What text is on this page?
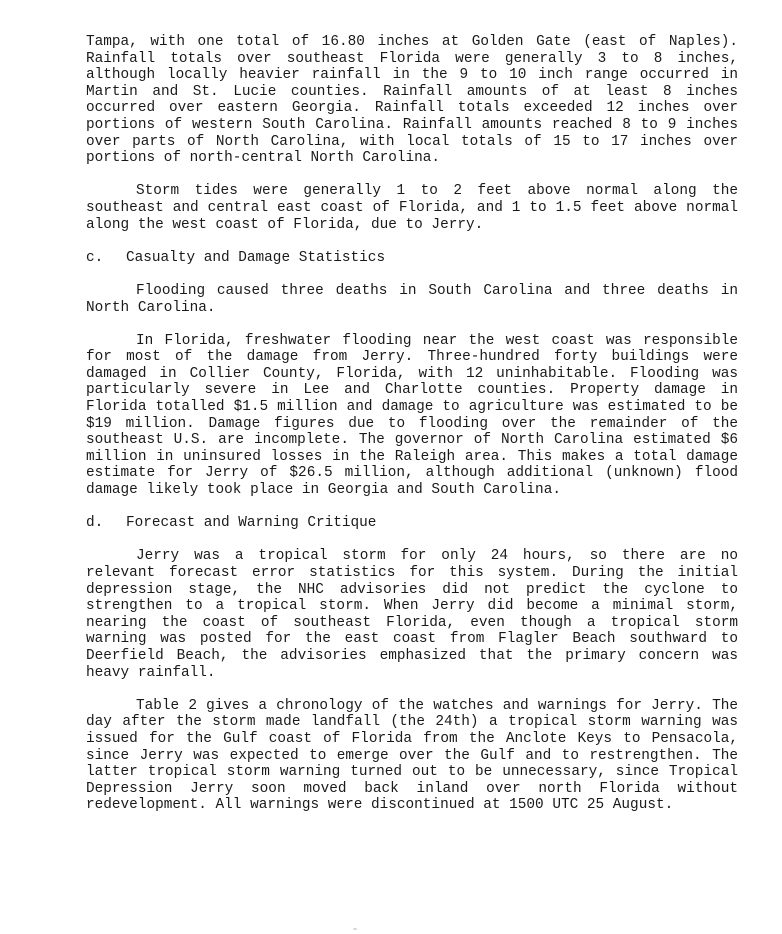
Tampa, with one total of 16.80 inches at Golden Gate (east of Naples). Rainfall totals over southeast Florida were generally 3 to 8 inches, although locally heavier rainfall in the 9 to 10 inch range occurred in Martin and St. Lucie counties. Rainfall amounts of at least 8 inches occurred over eastern Georgia. Rainfall totals exceeded 12 inches over portions of western South Carolina. Rainfall amounts reached 8 to 9 inches over parts of North Carolina, with local totals of 15 to 17 inches over portions of north-central North Carolina.

Storm tides were generally 1 to 2 feet above normal along the southeast and central east coast of Florida, and 1 to 1.5 feet above normal along the west coast of Florida, due to Jerry.

c. Casualty and Damage Statistics

Flooding caused three deaths in South Carolina and three deaths in North Carolina.

In Florida, freshwater flooding near the west coast was responsible for most of the damage from Jerry. Three-hundred forty buildings were damaged in Collier County, Florida, with 12 uninhabitable. Flooding was particularly severe in Lee and Charlotte counties. Property damage in Florida totalled $1.5 million and damage to agriculture was estimated to be $19 million. Damage figures due to flooding over the remainder of the southeast U.S. are incomplete. The governor of North Carolina estimated $6 million in uninsured losses in the Raleigh area. This makes a total damage estimate for Jerry of $26.5 million, although additional (unknown) flood damage likely took place in Georgia and South Carolina.

d. Forecast and Warning Critique

Jerry was a tropical storm for only 24 hours, so there are no relevant forecast error statistics for this system. During the initial depression stage, the NHC advisories did not predict the cyclone to strengthen to a tropical storm. When Jerry did become a minimal storm, nearing the coast of southeast Florida, even though a tropical storm warning was posted for the east coast from Flagler Beach southward to Deerfield Beach, the advisories emphasized that the primary concern was heavy rainfall.

Table 2 gives a chronology of the watches and warnings for Jerry. The day after the storm made landfall (the 24th) a tropical storm warning was issued for the Gulf coast of Florida from the Anclote Keys to Pensacola, since Jerry was expected to emerge over the Gulf and to restrengthen. The latter tropical storm warning turned out to be unnecessary, since Tropical Depression Jerry soon moved back inland over north Florida without redevelopment. All warnings were discontinued at 1500 UTC 25 August.
